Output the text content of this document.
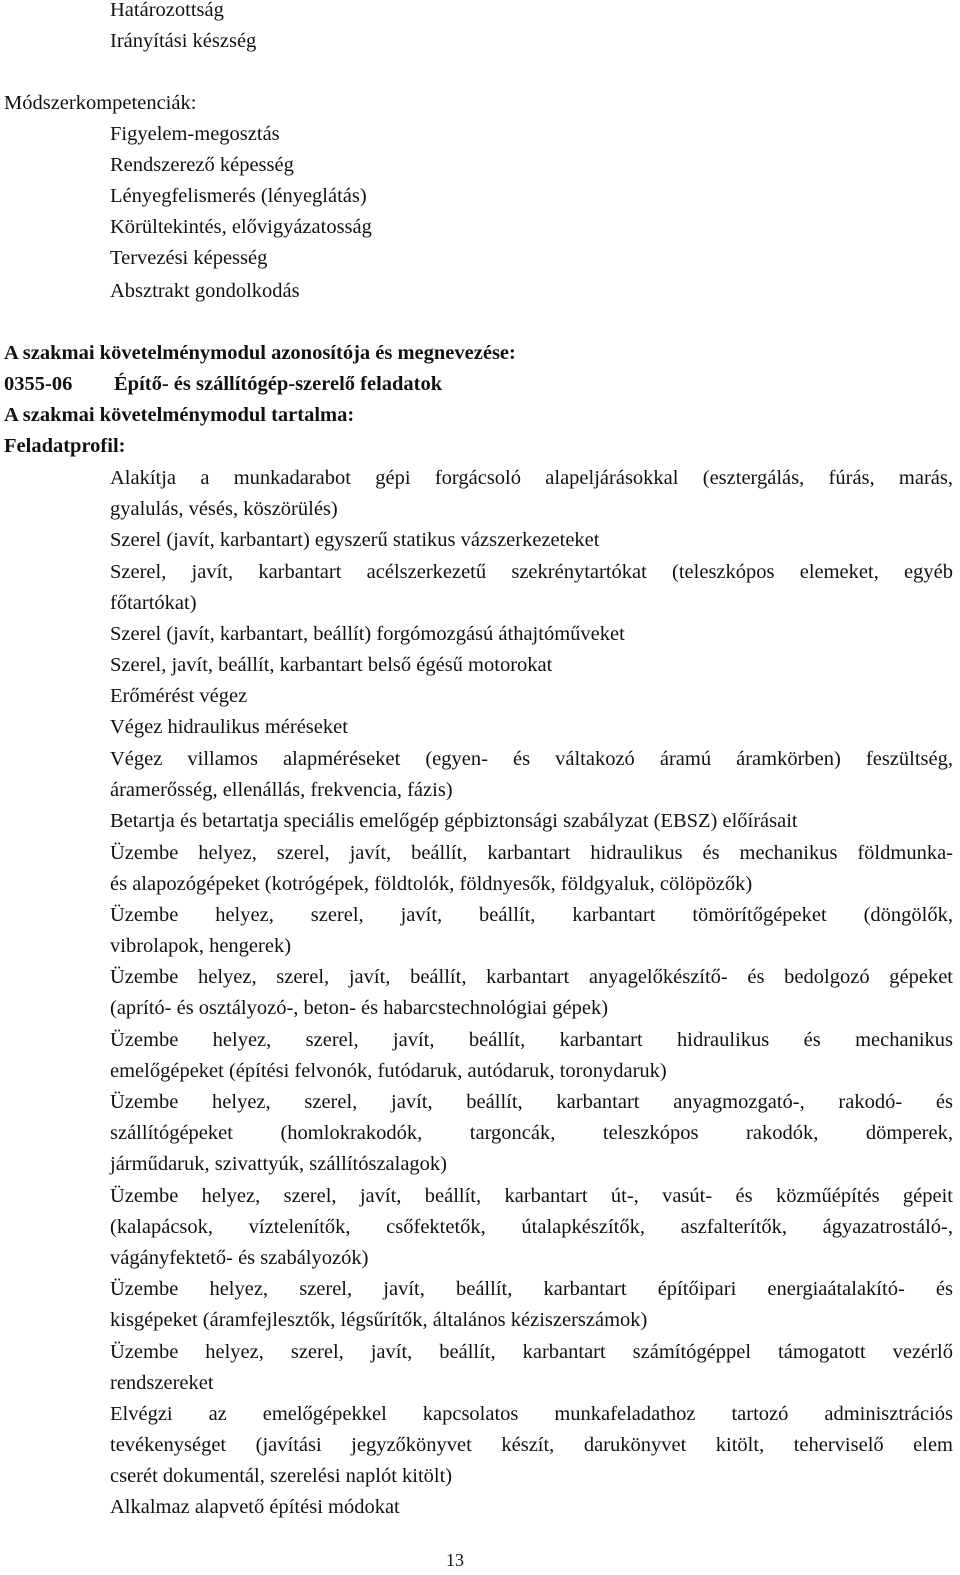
Határozottság
Irányítási készség
Módszerkompetenciák:
Figyelem-megosztás
Rendszerező képesség
Lényegfelismerés (lényeglátás)
Körültekintés, elővigyázatosság
Tervezési képesség
Absztrakt gondolkodás
A szakmai követelménymodul azonosítója és megnevezése:
0355-06 Építő- és szállítógép-szerelő feladatok
A szakmai követelménymodul tartalma:
Feladatprofil:
Alakítja a munkadarabot gépi forgácsoló alapeljárásokkal (esztergálás, fúrás, marás,
gyalulás, vésés, köszörülés)
Szerel (javít, karbantart) egyszerű statikus vázszerkezeteket
Szerel, javít, karbantart acélszerkezetű szekrénytartókat (teleszkópos elemeket, egyéb
főtartókat)
Szerel (javít, karbantart, beállít) forgómozgású áthajtóműveket
Szerel, javít, beállít, karbantart belső égésű motorokat
Erőmérést végez
Végez hidraulikus méréseket
Végez villamos alapméréseket (egyen- és váltakozó áramú áramkörben) feszültség,
áramerősség, ellenállás, frekvencia, fázis)
Betartja és betartatja speciális emelőgép gépbiztonsági szabályzat (EBSZ) előírásait
Üzembe helyez, szerel, javít, beállít, karbantart hidraulikus és mechanikus földmunka-
és alapozógépeket (kotrógépek, földtolók, földnyesők, földgyaluk, cölöpözők)
Üzembe helyez, szerel, javít, beállít, karbantart tömörítőgépeket (döngölők,
vibrolapok, hengerek)
Üzembe helyez, szerel, javít, beállít, karbantart anyagelőkészítő- és bedolgozó gépeket
(aprító- és osztályozó-, beton- és habarcstechnológiai gépek)
Üzembe helyez, szerel, javít, beállít, karbantart hidraulikus és mechanikus
emelőgépeket (építési felvonók, futódaruk, autódaruk, toronydaruk)
Üzembe helyez, szerel, javít, beállít, karbantart anyagmozgató-, rakodó- és
szállítógépeket (homlokrakodók, targoncák, teleszkópos rakodók, dömperek,
járműdaruk, szivattyúk, szállítószalagok)
Üzembe helyez, szerel, javít, beállít, karbantart út-, vasút- és közműépítés gépeit
(kalapácsok, víztelenítők, csőfektetők, útalapkészítők, aszfalterítők, ágyazatrostáló-,
vágányfektető- és szabályozók)
Üzembe helyez, szerel, javít, beállít, karbantart építőipari energiaátalakító- és
kisgépeket (áramfejlesztők, légsűrítők, általános kéziszerszámok)
Üzembe helyez, szerel, javít, beállít, karbantart számítógéppel támogatott vezérlő
rendszereket
Elvégzi az emelőgépekkel kapcsolatos munkafeladathoz tartozó adminisztrációs
tevékenységet (javítási jegyzőkönyvet készít, darukönyvet kitölt, teherviselő elem
cserét dokumentál, szerelési naplót kitölt)
Alkalmaz alapvető építési módokat
13
